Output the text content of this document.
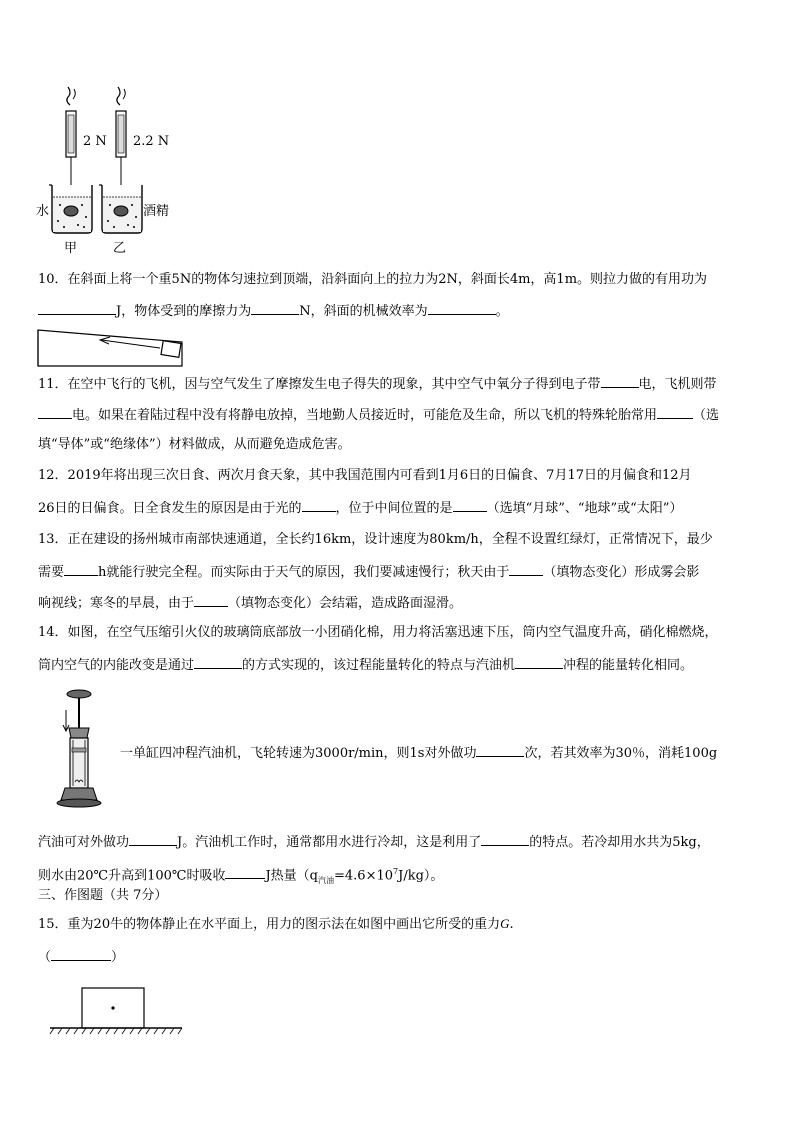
2 N 2.2 N
水	酒精
甲	乙
10．在斜面上将一个重5N的物体匀速拉到顶端，沿斜面向上的拉力为2N，斜面长4m，高1m。则拉力做的有用功为
J，物体受到的摩擦力为	N，斜面的机械效率为	。
11．在空中飞行的飞机，因与空气发生了摩擦发生电子得失的现象，其中空气中氧分子得到电子带	电，飞机则带
电。如果在着陆过程中没有将静电放掉，当地勤人员接近时，可能危及生命，所以飞机的特殊轮胎常用	（选
填“导体”或“绝缘体”）材料做成，从而避免造成危害。
12．2019年将出现三次日食、两次月食天象，其中我国范围内可看到1月6日的日偏食、7月17日的月偏食和12月
26日的日偏食。日全食发生的原因是由于光的	，位于中间位置的是	（选填“月球”、“地球”或“太阳”）
13．正在建设的扬州城市南部快速通道，全长约16km，设计速度为80km/h，全程不设置红绿灯，正常情况下，最少
需要	h就能行驶完全程。而实际由于天气的原因，我们要减速慢行；秋天由于	（填物态变化）形成雾会影
响视线；寒冬的早晨，由于	（填物态变化）会结霜，造成路面湿滑。
14．如图，在空气压缩引火仪的玻璃筒底部放一小团硝化棉，用力将活塞迅速下压，筒内空气温度升高，硝化棉燃烧，
筒内空气的内能改变是通过	的方式实现的，该过程能量转化的特点与汽油机	冲程的能量转化相同。
一单缸四冲程汽油机，飞轮转速为3000r/min，则1s对外做功	次，若其效率为30％，消耗100g
汽油可对外做功	J。汽油机工作时，通常都用水进行冷却，这是利用了	的特点。若冷却用水共为5kg，
则水由20℃升高到100℃时吸收	J热量$(q_{汽油}=4.6\times 10^7J/kg)$。
三、作图题（共 7分）
15．重为20牛的物体静止在水平面上，用力的图示法在如图中画出它所受的重力G.
（	）
